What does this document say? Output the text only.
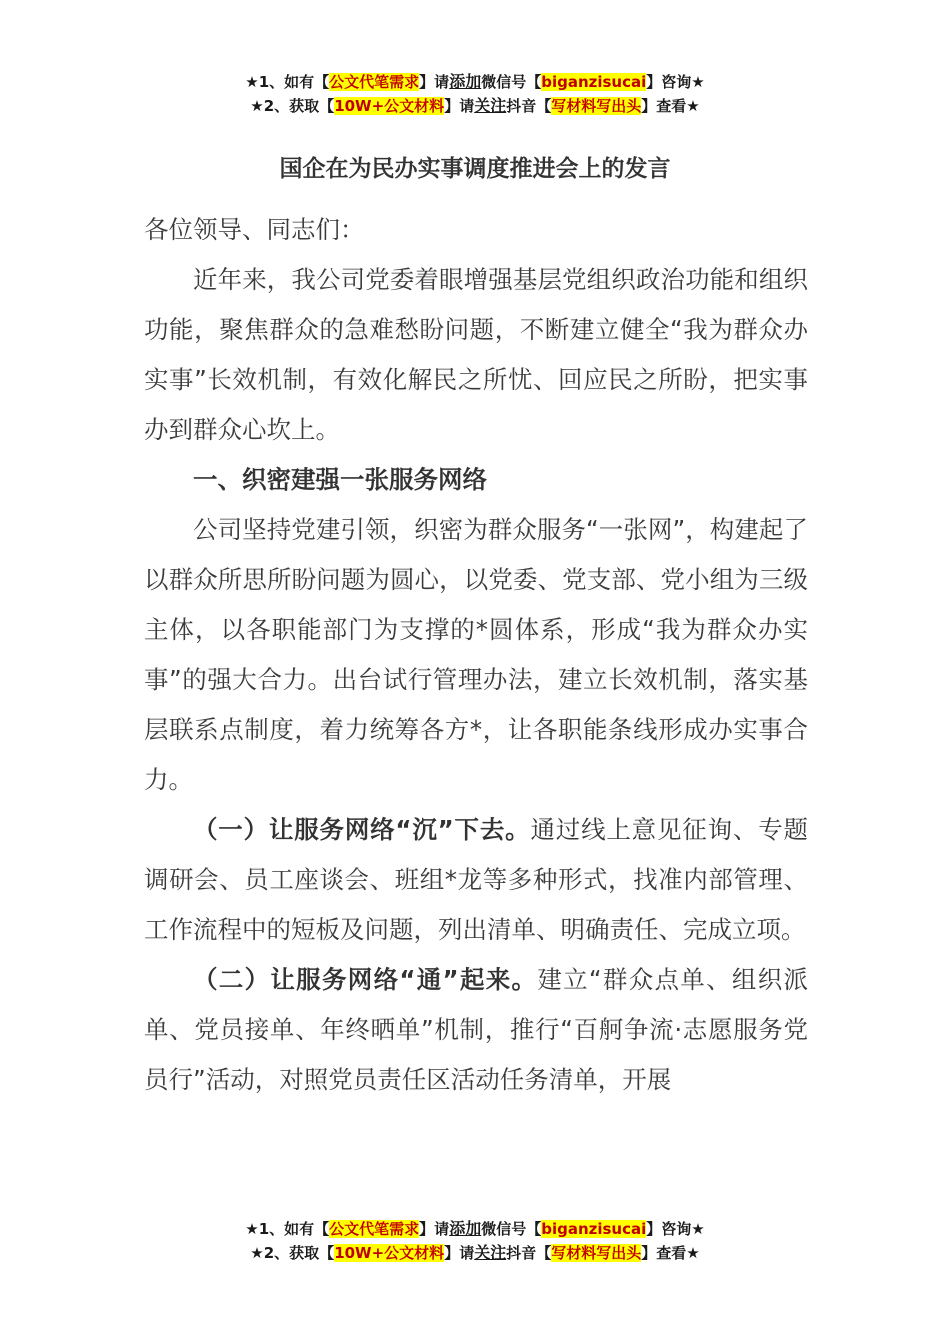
★1、如有【公文代笔需求】请添加微信号【biganzisucai】咨询★
★2、获取【10W+公文材料】请关注抖音【写材料写出头】查看★
国企在为民办实事调度推进会上的发言

各位领导、同志们：

近年来，我公司党委着眼增强基层党组织政治功能和组织功能，聚焦群众的急难愁盼问题，不断建立健全“我为群众办实事”长效机制，有效化解民之所忧、回应民之所盼，把实事办到群众心坎上。

一、织密建强一张服务网络

公司坚持党建引领，织密为群众服务“一张网”，构建起了以群众所思所盼问题为圆心，以党委、党支部、党小组为三级主体，以各职能部门为支撑的*圆体系，形成“我为群众办实事”的强大合力。出台试行管理办法，建立长效机制，落实基层联系点制度，着力统筹各方*，让各职能条线形成办实事合力。

（一）让服务网络“沉”下去。通过线上意见征询、专题调研会、员工座谈会、班组*龙等多种形式，找准内部管理、工作流程中的短板及问题，列出清单、明确责任、完成立项。

（二）让服务网络“通”起来。建立“群众点单、组织派单、党员接单、年终晒单”机制，推行“百舸争流·志愿服务党员行”活动，对照党员责任区活动任务清单，开展

★1、如有【公文代笔需求】请添加微信号【biganzisucai】咨询★
★2、获取【10W+公文材料】请关注抖音【写材料写出头】查看★
